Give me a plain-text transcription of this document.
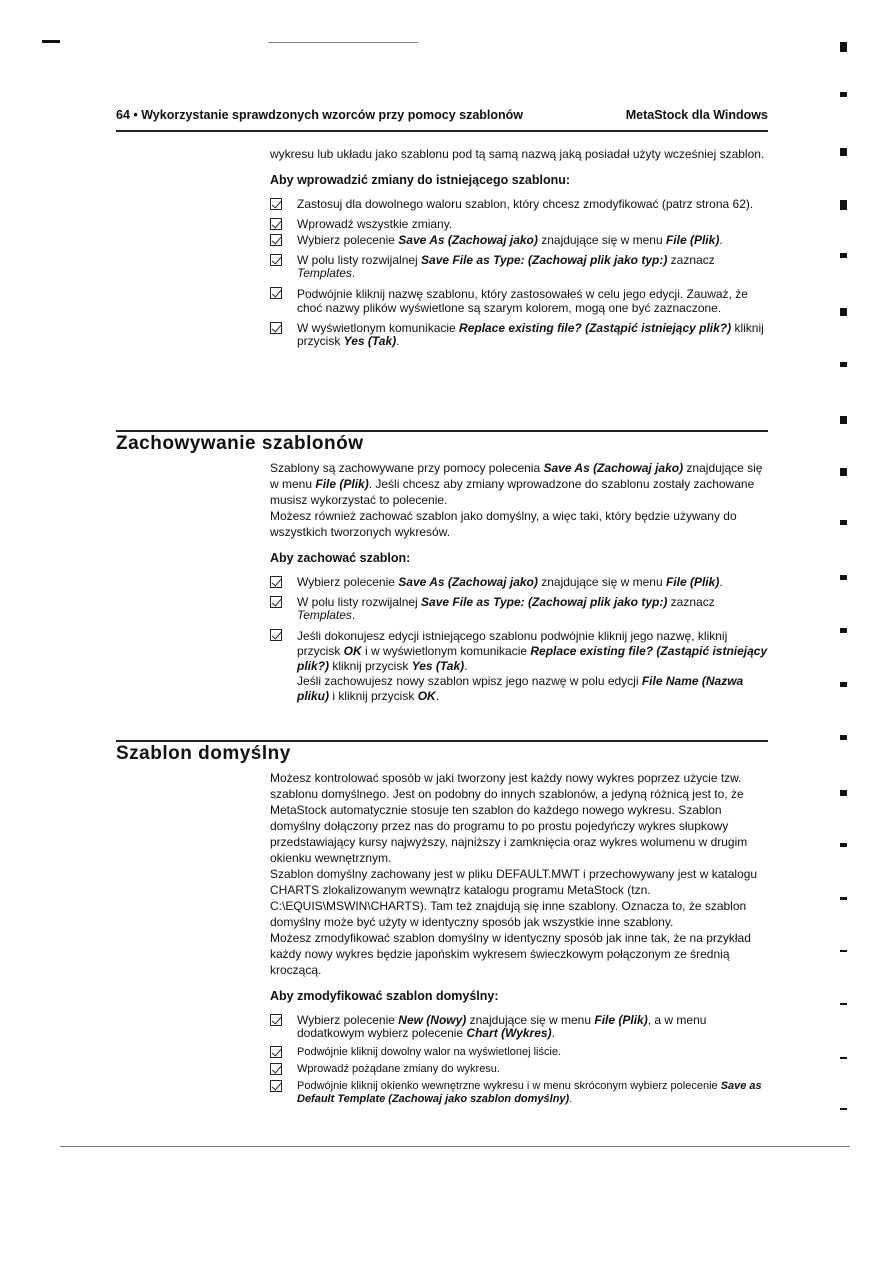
64 • Wykorzystanie sprawdzonych wzorców przy pomocy szablonów	MetaStock dla Windows

wykresu lub układu jako szablonu pod tą samą nazwą jaką posiadał użyty wcześniej szablon.

Aby wprowadzić zmiany do istniejącego szablonu:

Zastosuj dla dowolnego waloru szablon, który chcesz zmodyfikować (patrz strona 62).
Wprowadź wszystkie zmiany.
Wybierz polecenie Save As (Zachowaj jako) znajdujące się w menu File (Plik).
W polu listy rozwijalnej Save File as Type: (Zachowaj plik jako typ:) zaznacz Templates.
Podwójnie kliknij nazwę szablonu, który zastosowałeś w celu jego edycji. Zauważ, że choć nazwy plików wyświetlone są szarym kolorem, mogą one być zaznaczone.
W wyświetlonym komunikacie Replace existing file? (Zastąpić istniejący plik?) kliknij przycisk Yes (Tak).
Zachowywanie szablonów

Szablony są zachowywane przy pomocy polecenia Save As (Zachowaj jako) znajdujące się w menu File (Plik). Jeśli chcesz aby zmiany wprowadzone do szablonu zostały zachowane musisz wykorzystać to polecenie.

Możesz również zachować szablon jako domyślny, a więc taki, który będzie używany do wszystkich tworzonych wykresów.

Aby zachować szablon:

Wybierz polecenie Save As (Zachowaj jako) znajdujące się w menu File (Plik).
W polu listy rozwijalnej Save File as Type: (Zachowaj plik jako typ:) zaznacz Templates.
Jeśli dokonujesz edycji istniejącego szablonu podwójnie kliknij jego nazwę, kliknij przycisk OK i w wyświetlonym komunikacie Replace existing file? (Zastąpić istniejący plik?) kliknij przycisk Yes (Tak).
Jeśli zachowujesz nowy szablon wpisz jego nazwę w polu edycji File Name (Nazwa pliku) i kliknij przycisk OK.
Szablon domyślny

Możesz kontrolować sposób w jaki tworzony jest każdy nowy wykres poprzez użycie tzw. szablonu domyślnego. Jest on podobny do innych szablonów, a jedyną różnicą jest to, że MetaStock automatycznie stosuje ten szablon do każdego nowego wykresu. Szablon domyślny dołączony przez nas do programu to po prostu pojedyńczy wykres słupkowy przedstawiający kursy najwyższy, najniższy i zamknięcia oraz wykres wolumenu w drugim okienku wewnętrznym.

Szablon domyślny zachowany jest w pliku DEFAULT.MWT i przechowywany jest w katalogu CHARTS zlokalizowanym wewnątrz katalogu programu MetaStock (tzn. C:\EQUIS\MSWIN\CHARTS). Tam też znajdują się inne szablony. Oznacza to, że szablon domyślny może być użyty w identyczny sposób jak wszystkie inne szablony.

Możesz zmodyfikować szablon domyślny w identyczny sposób jak inne tak, że na przykład każdy nowy wykres będzie japońskim wykresem świeczkowym połączonym ze średnią kroczącą.

Aby zmodyfikować szablon domyślny:

Wybierz polecenie New (Nowy) znajdujące się w menu File (Plik), a w menu dodatkowym wybierz polecenie Chart (Wykres).
Podwójnie kliknij dowolny walor na wyświetlonej liście.
Wprowadź pożądane zmiany do wykresu.
Podwójnie kliknij okienko wewnętrzne wykresu i w menu skróconym wybierz polecenie Save as Default Template (Zachowaj jako szablon domyślny).
